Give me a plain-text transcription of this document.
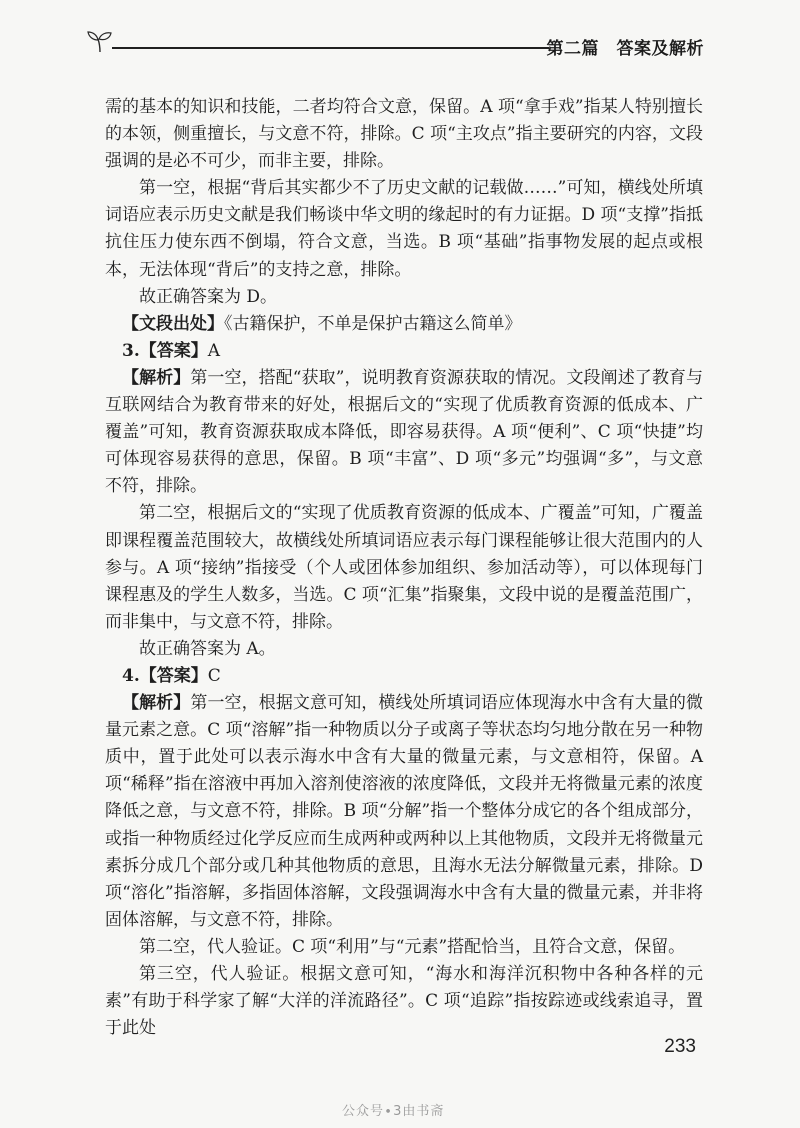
第二篇　答案及解析

需的基本的知识和技能，二者均符合文意，保留。A 项“拿手戏”指某人特别擅长的本领，侧重擅长，与文意不符，排除。C 项“主攻点”指主要研究的内容，文段强调的是必不可少，而非主要，排除。

第一空，根据“背后其实都少不了历史文献的记载做……”可知，横线处所填词语应表示历史文献是我们畅谈中华文明的缘起时的有力证据。D 项“支撑”指抵抗住压力使东西不倒塌，符合文意，当选。B 项“基础”指事物发展的起点或根本，无法体现“背后”的支持之意，排除。

故正确答案为 D。

【文段出处】《古籍保护，不单是保护古籍这么简单》

3.【答案】A

【解析】第一空，搭配“获取”，说明教育资源获取的情况。文段阐述了教育与互联网结合为教育带来的好处，根据后文的“实现了优质教育资源的低成本、广覆盖”可知，教育资源获取成本降低，即容易获得。A 项“便利”、C 项“快捷”均可体现容易获得的意思，保留。B 项“丰富”、D 项“多元”均强调“多”，与文意不符，排除。

第二空，根据后文的“实现了优质教育资源的低成本、广覆盖”可知，广覆盖即课程覆盖范围较大，故横线处所填词语应表示每门课程能够让很大范围内的人参与。A 项“接纳”指接受（个人或团体参加组织、参加活动等），可以体现每门课程惠及的学生人数多，当选。C 项“汇集”指聚集，文段中说的是覆盖范围广，而非集中，与文意不符，排除。

故正确答案为 A。

4.【答案】C

【解析】第一空，根据文意可知，横线处所填词语应体现海水中含有大量的微量元素之意。C 项“溶解”指一种物质以分子或离子等状态均匀地分散在另一种物质中，置于此处可以表示海水中含有大量的微量元素，与文意相符，保留。A 项“稀释”指在溶液中再加入溶剂使溶液的浓度降低，文段并无将微量元素的浓度降低之意，与文意不符，排除。B 项“分解”指一个整体分成它的各个组成部分，或指一种物质经过化学反应而生成两种或两种以上其他物质，文段并无将微量元素拆分成几个部分或几种其他物质的意思，且海水无法分解微量元素，排除。D 项“溶化”指溶解，多指固体溶解，文段强调海水中含有大量的微量元素，并非将固体溶解，与文意不符，排除。

第二空，代人验证。C 项“利用”与“元素”搭配恰当，且符合文意，保留。

第三空，代人验证。根据文意可知，“海水和海洋沉积物中各种各样的元素”有助于科学家了解“大洋的洋流路径”。C 项“追踪”指按踪迹或线索追寻，置于此处

233
公众号∙3由书斋
